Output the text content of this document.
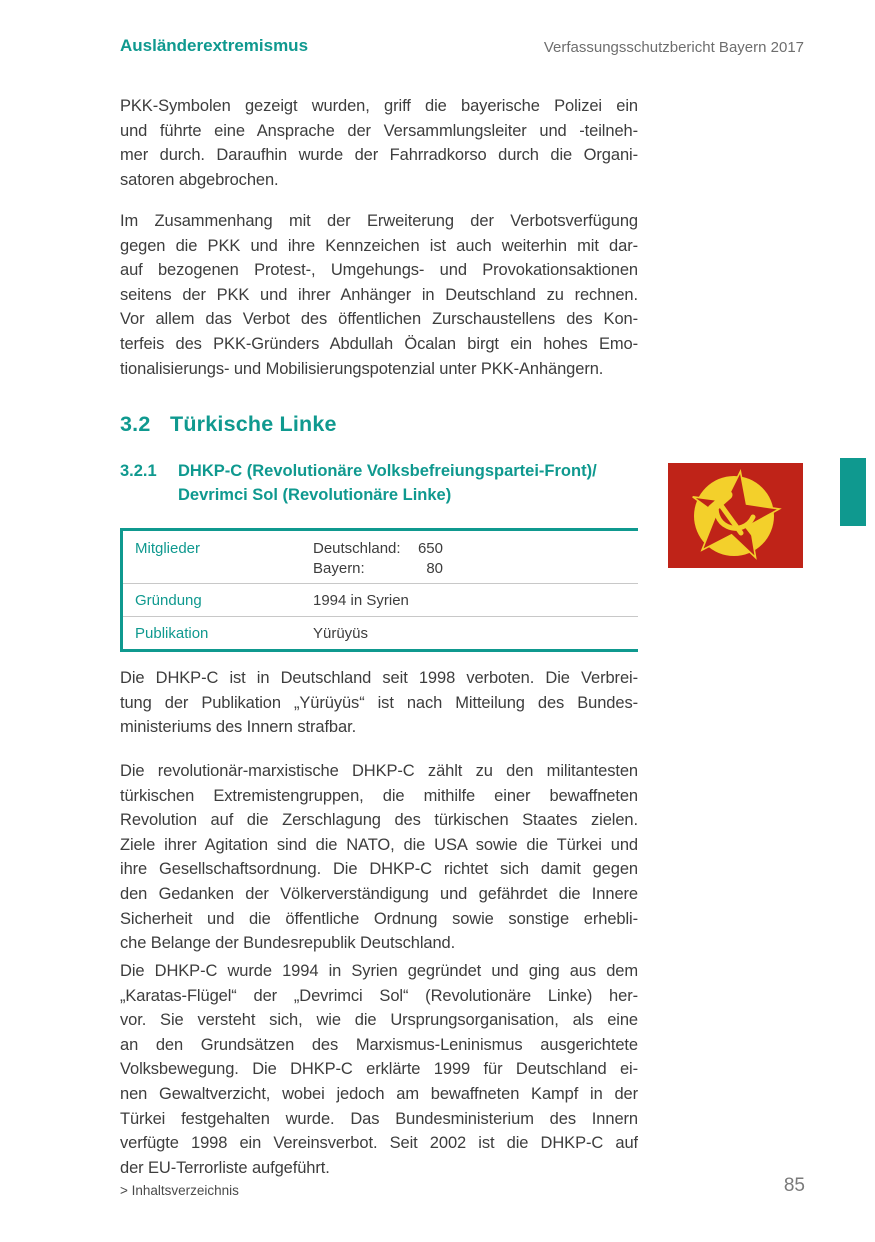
Ausländerextremismus	Verfassungsschutzbericht Bayern 2017
PKK-Symbolen gezeigt wurden, griff die bayerische Polizei ein
und führte eine Ansprache der Versammlungsleiter und -teilneh-
mer durch. Daraufhin wurde der Fahrradkorso durch die Organi-
satoren abgebrochen.
Im Zusammenhang mit der Erweiterung der Verbotsverfügung
gegen die PKK und ihre Kennzeichen ist auch weiterhin mit dar-
auf bezogenen Protest-, Umgehungs- und Provokationsaktionen
seitens der PKK und ihrer Anhänger in Deutschland zu rechnen.
Vor allem das Verbot des öffentlichen Zurschaustellens des Kon-
terfeis des PKK-Gründers Abdullah Öcalan birgt ein hohes Emo-
tionalisierungs- und Mobilisierungspotenzial unter PKK-Anhängern.
3.2 Türkische Linke
3.2.1	DHKP-C (Revolutionäre Volksbefreiungspartei-Front)/
Devrimci Sol (Revolutionäre Linke)
Mitglieder	Deutschland:	650
Bayern:	80
Gründung	1994 in Syrien
Publikation	Yürüyüs
Die DHKP-C ist in Deutschland seit 1998 verboten. Die Verbrei-
tung der Publikation „Yürüyüs“ ist nach Mitteilung des Bundes-
ministeriums des Innern strafbar.
Die revolutionär-marxistische DHKP-C zählt zu den militantesten
türkischen Extremistengruppen, die mithilfe einer bewaffneten
Revolution auf die Zerschlagung des türkischen Staates zielen.
Ziele ihrer Agitation sind die NATO, die USA sowie die Türkei und
ihre Gesellschaftsordnung. Die DHKP-C richtet sich damit gegen
den Gedanken der Völkerverständigung und gefährdet die Innere
Sicherheit und die öffentliche Ordnung sowie sonstige erhebli-
che Belange der Bundesrepublik Deutschland.
Die DHKP-C wurde 1994 in Syrien gegründet und ging aus dem
„Karatas-Flügel“ der „Devrimci Sol“ (Revolutionäre Linke) her-
vor. Sie versteht sich, wie die Ursprungsorganisation, als eine
an den Grundsätzen des Marxismus-Leninismus ausgerichtete
Volksbewegung. Die DHKP-C erklärte 1999 für Deutschland ei-
nen Gewaltverzicht, wobei jedoch am bewaffneten Kampf in der
Türkei festgehalten wurde. Das Bundesministerium des Innern
verfügte 1998 ein Vereinsverbot. Seit 2002 ist die DHKP-C auf
der EU-Terrorliste aufgeführt.
> Inhaltsverzeichnis	85
